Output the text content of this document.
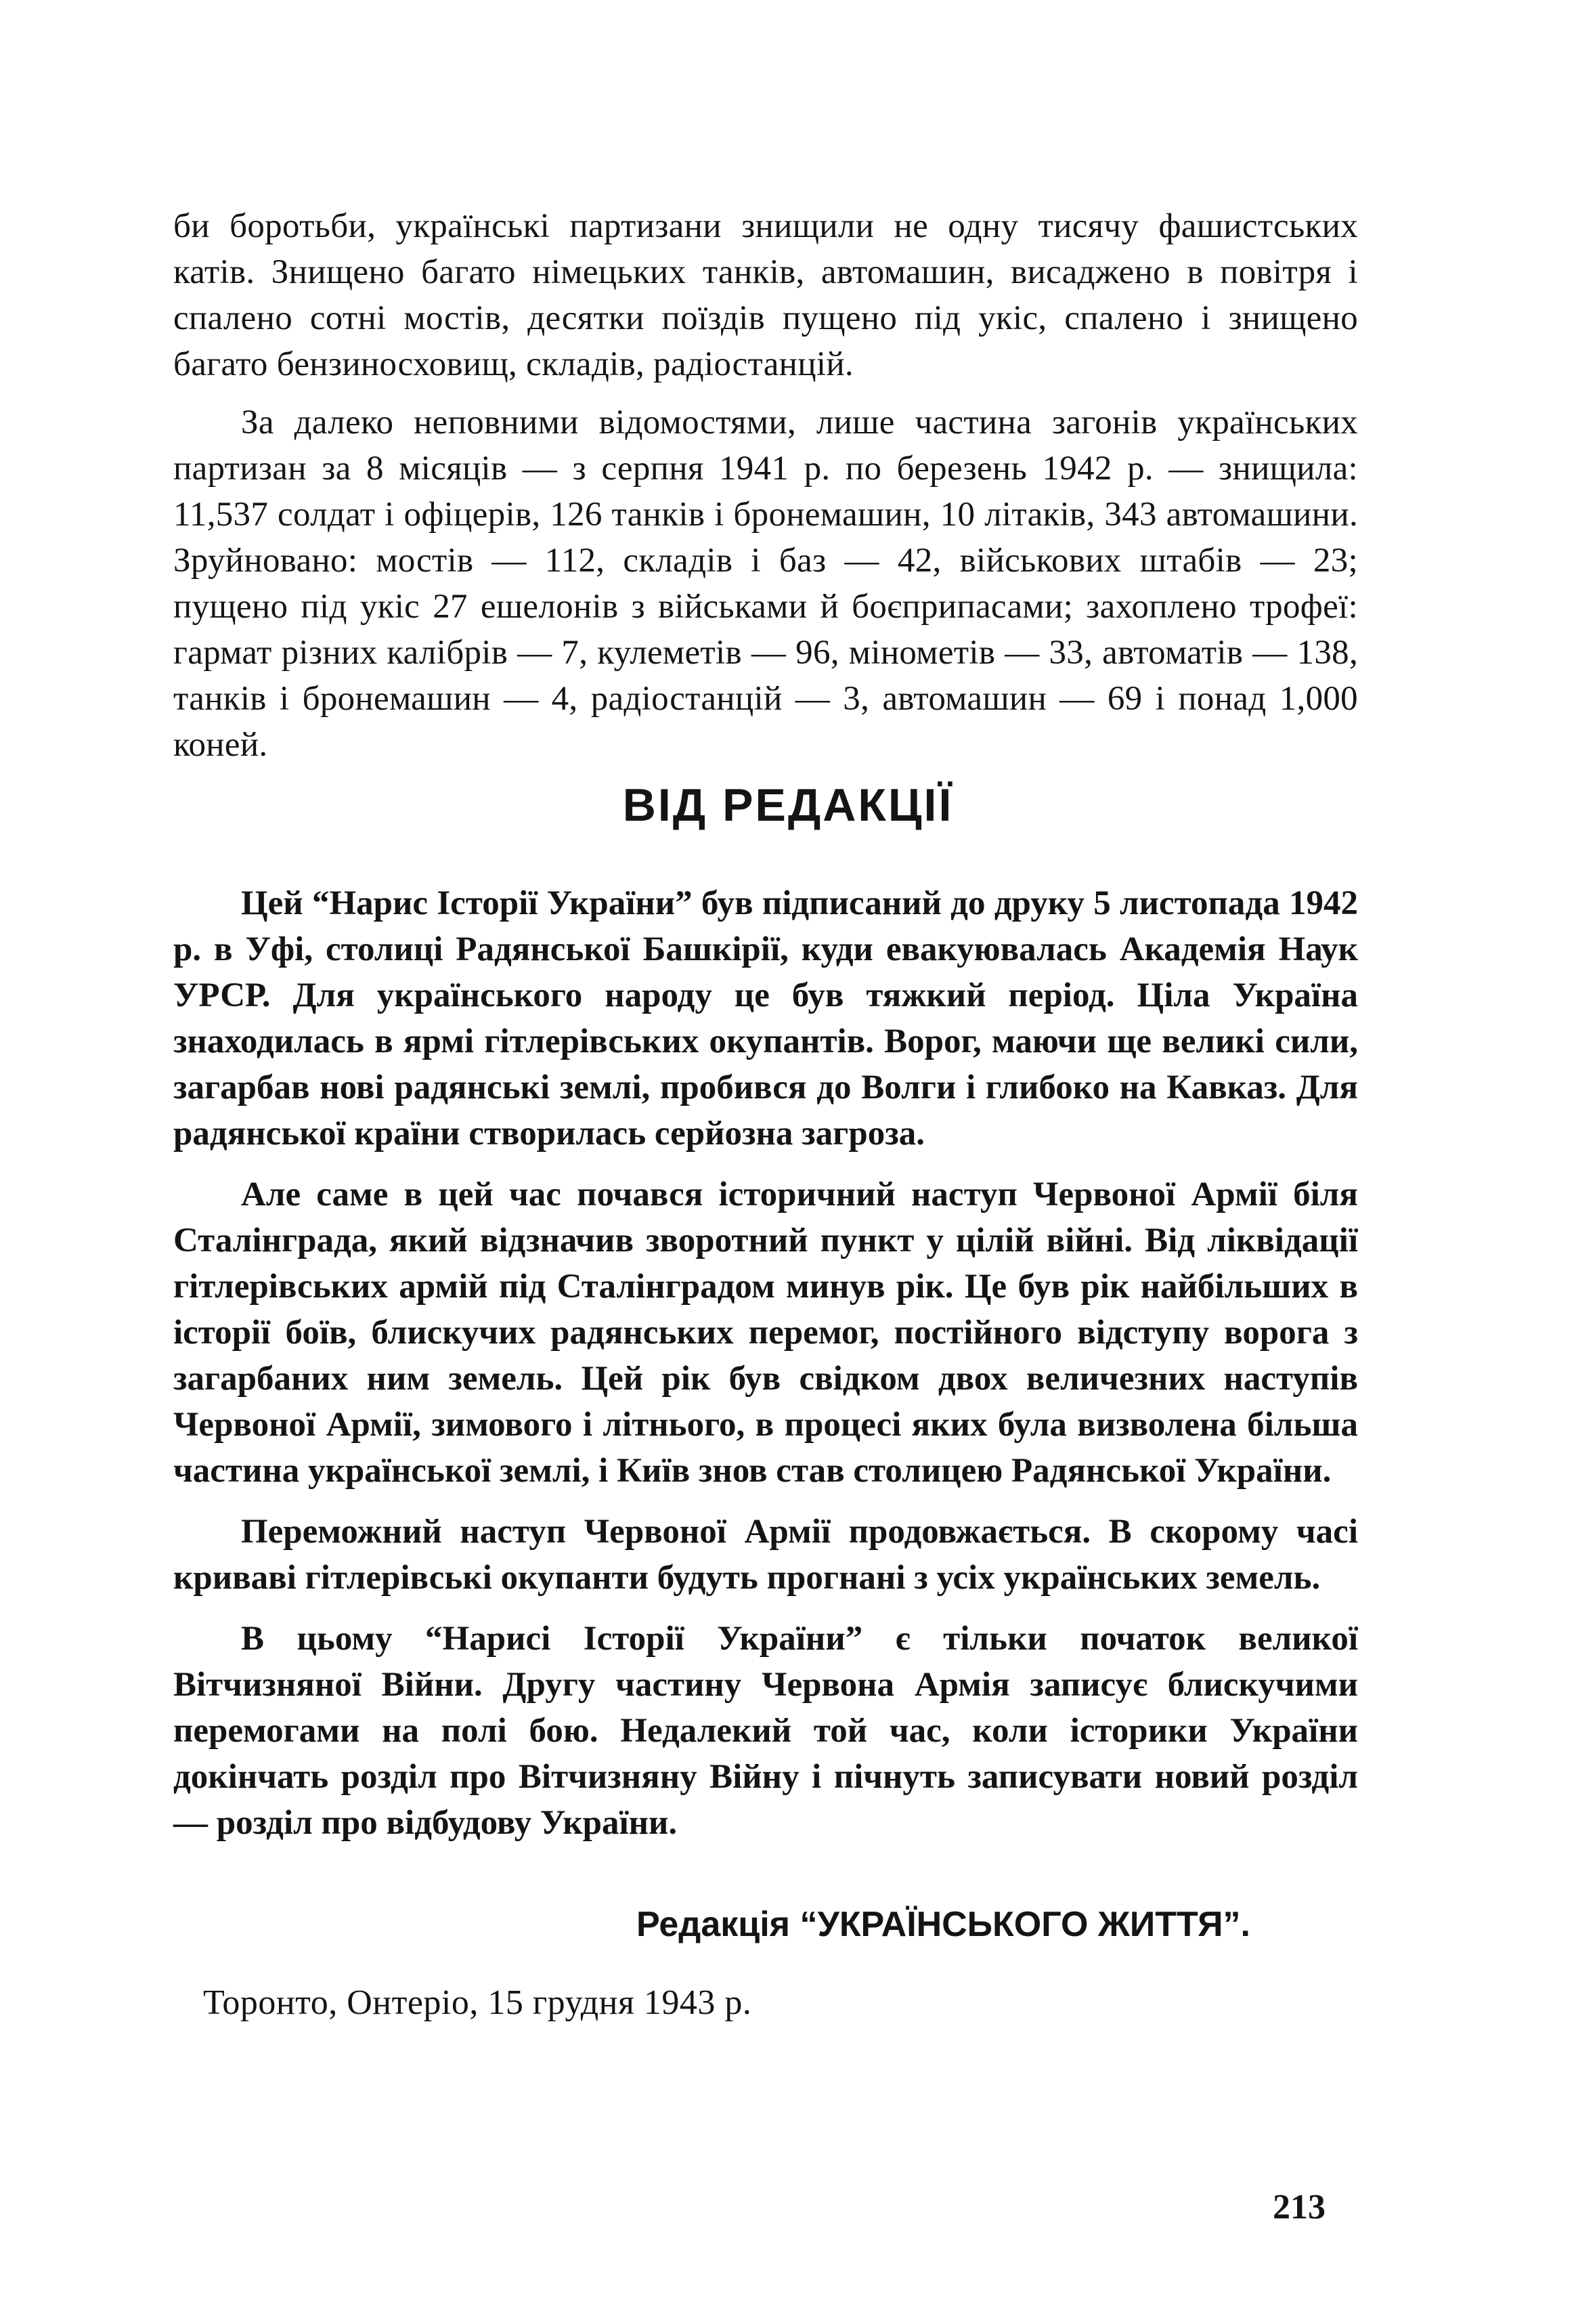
би боротьби, українські партизани знищили не одну тисячу фашистських катів. Знищено багато німецьких танків, автомашин, висаджено в повітря і спалено сотні мостів, десятки поїздів пущено під укіс, спалено і знищено багато бензиносховищ, складів, радіостанцій.

За далеко неповними відомостями, лише частина загонів українських партизан за 8 місяців — з серпня 1941 р. по березень 1942 р. — знищила: 11,537 солдат і офіцерів, 126 танків і бронемашин, 10 літаків, 343 автомашини. Зруйновано: мостів — 112, складів і баз — 42, військових штабів — 23; пущено під укіс 27 ешелонів з військами й боєприпасами; захоплено трофеї: гармат різних калібрів — 7, кулеметів — 96, мінометів — 33, автоматів — 138, танків і бронемашин — 4, радіостанцій — 3, автомашин — 69 і понад 1,000 коней.

ВІД РЕДАКЦІЇ

Цей “Нарис Історії України” був підписаний до друку 5 листопада 1942 р. в Уфі, столиці Радянської Башкірії, куди евакуювалась Академія Наук УРСР. Для українського народу це був тяжкий період. Ціла Україна знаходилась в ярмі гітлерівських окупантів. Ворог, маючи ще великі сили, загарбав нові радянські землі, пробився до Волги і глибоко на Кавказ. Для радянської країни створилась серйозна загроза.

Але саме в цей час почався історичний наступ Червоної Армії біля Сталінграда, який відзначив зворотний пункт у цілій війні. Від ліквідації гітлерівських армій під Сталінградом минув рік. Це був рік найбільших в історії боїв, блискучих радянських перемог, постійного відступу ворога з загарбаних ним земель. Цей рік був свідком двох величезних наступів Червоної Армії, зимового і літнього, в процесі яких була визволена більша частина української землі, і Київ знов став столицею Радянської України.

Переможний наступ Червоної Армії продовжається. В скорому часі криваві гітлерівські окупанти будуть прогнані з усіх українських земель.

В цьому “Нарисі Історії України” є тільки початок великої Вітчизняної Війни. Другу частину Червона Армія записує блискучими перемогами на полі бою. Недалекий той час, коли історики України докінчать розділ про Вітчизняну Війну і пічнуть записувати новий розділ — розділ про відбудову України.

Редакція “УКРАЇНСЬКОГО ЖИТТЯ”.

Торонто, Онтеріо, 15 грудня 1943 р.

213
